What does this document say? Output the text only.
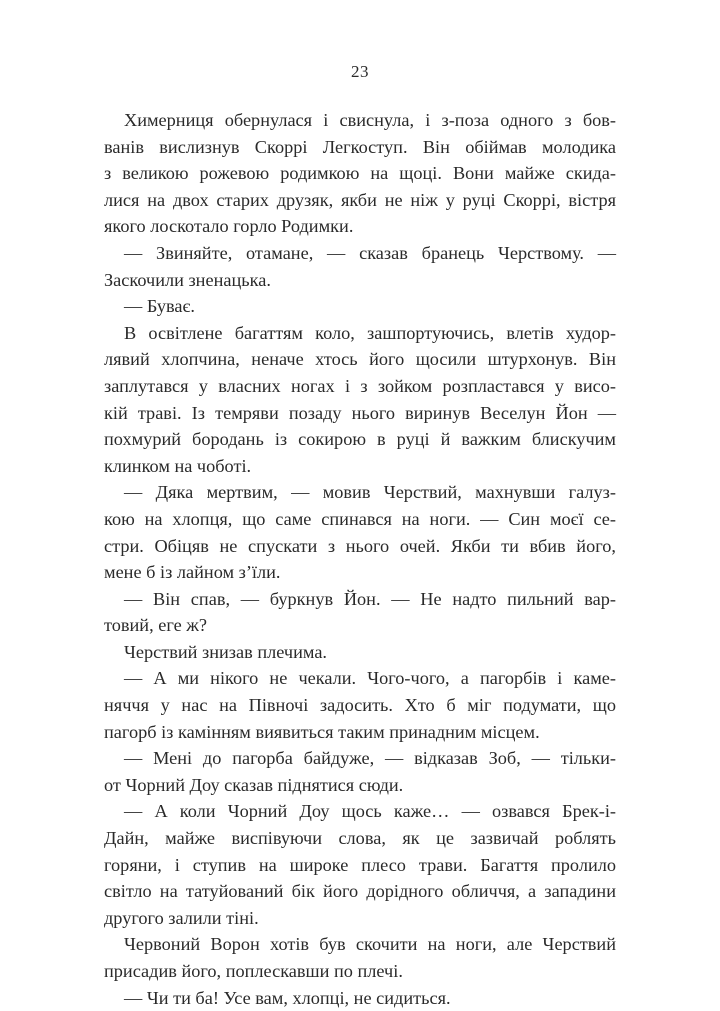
23
Химерниця обернулася і свиснула, і з-поза одного з бов-
ванів вислизнув Скоррі Легкоступ. Він обіймав молодика
з великою рожевою родимкою на щоці. Вони майже скида-
лися на двох старих друзяк, якби не ніж у руці Скоррі, вістря
якого лоскотало горло Родимки.
— Звиняйте, отамане, — сказав бранець Черствому. —
Заскочили зненацька.
— Буває.
В освітлене багаттям коло, зашпортуючись, влетів худор-
лявий хлопчина, неначе хтось його щосили штурхонув. Він
заплутався у власних ногах і з зойком розпластався у висо-
кій траві. Із темряви позаду нього виринув Веселун Йон —
похмурий бородань із сокирою в руці й важким блискучим
клинком на чоботі.
— Дяка мертвим, — мовив Черствий, махнувши галуз-
кою на хлопця, що саме спинався на ноги. — Син моєї се-
стри. Обіцяв не спускати з нього очей. Якби ти вбив його,
мене б із лайном з’їли.
— Він спав, — буркнув Йон. — Не надто пильний вар-
товий, еге ж?
Черствий знизав плечима.
— А ми нікого не чекали. Чого-чого, а пагорбів і каме-
няччя у нас на Півночі задосить. Хто б міг подумати, що
пагорб із камінням виявиться таким принадним місцем.
— Мені до пагорба байдуже, — відказав Зоб, — тільки-
от Чорний Доу сказав піднятися сюди.
— А коли Чорний Доу щось каже… — озвався Брек-і-
Дайн, майже виспівуючи слова, як це зазвичай роблять
горяни, і ступив на широке плесо трави. Багаття пролило
світло на татуйований бік його дорідного обличчя, а западини
другого залили тіні.
Червоний Ворон хотів був скочити на ноги, але Черствий
присадив його, поплескавши по плечі.
— Чи ти ба! Усе вам, хлопці, не сидиться.
